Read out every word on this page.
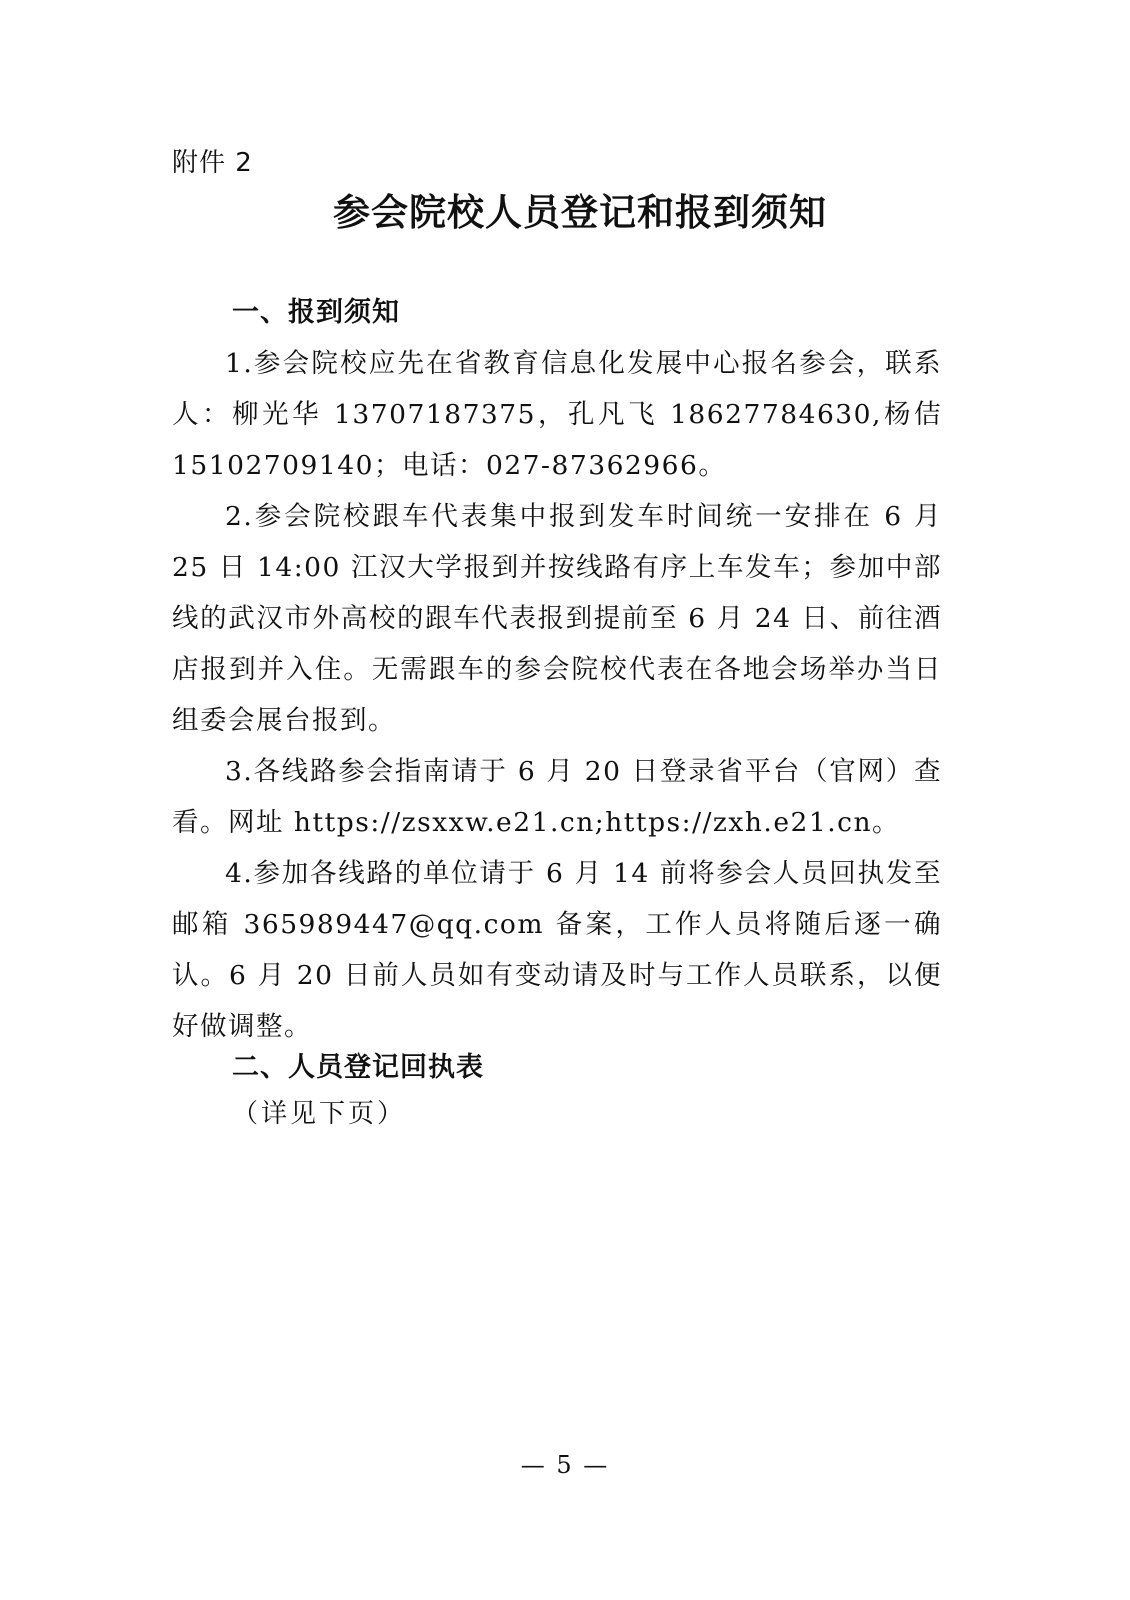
附件 2
参会院校人员登记和报到须知
一、报到须知

1.参会院校应先在省教育信息化发展中心报名参会，联系人：柳光华 13707187375，孔凡飞 18627784630,杨佶 15102709140；电话：027-87362966。

2.参会院校跟车代表集中报到发车时间统一安排在 6 月 25 日 14:00 江汉大学报到并按线路有序上车发车；参加中部线的武汉市外高校的跟车代表报到提前至 6 月 24 日、前往酒店报到并入住。无需跟车的参会院校代表在各地会场举办当日组委会展台报到。

3.各线路参会指南请于 6 月 20 日登录省平台（官网）查看。网址 https://zsxxw.e21.cn;https://zxh.e21.cn。

4.参加各线路的单位请于 6 月 14 前将参会人员回执发至邮箱 365989447@qq.com 备案，工作人员将随后逐一确认。6 月 20 日前人员如有变动请及时与工作人员联系，以便好做调整。

二、人员登记回执表
（详见下页）
— 5 —
